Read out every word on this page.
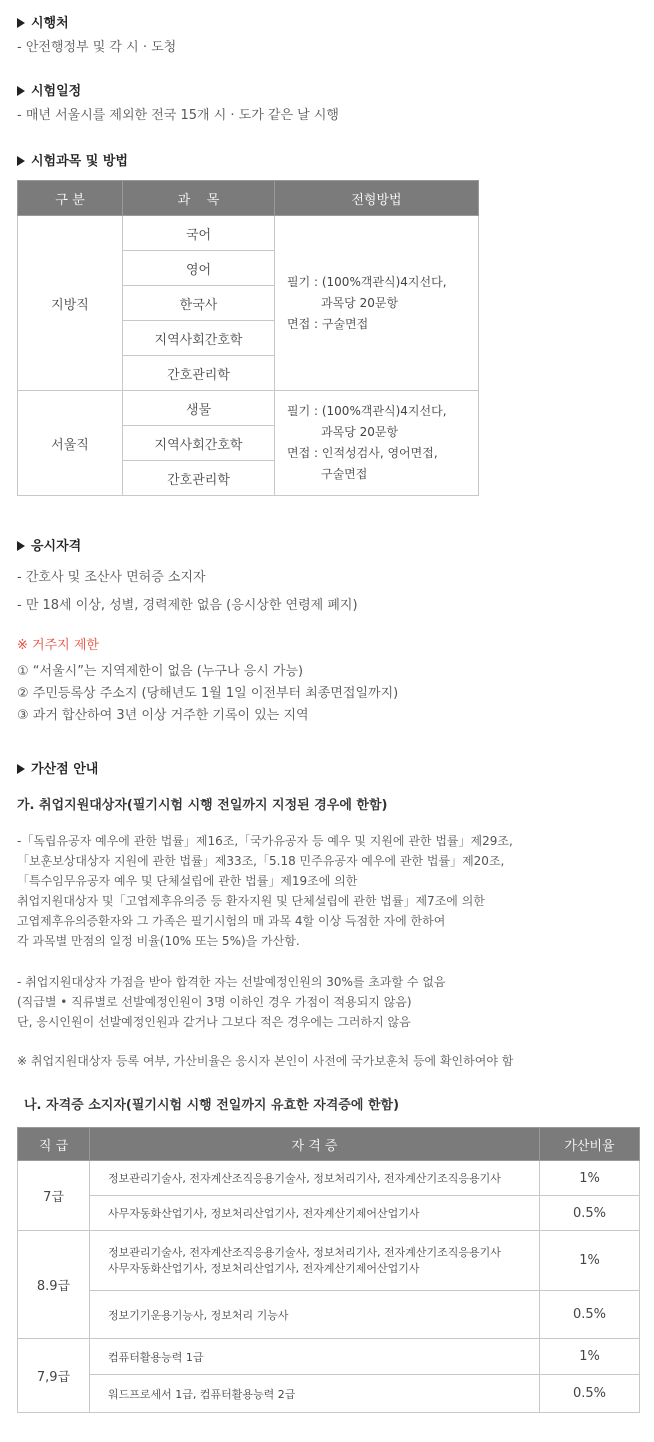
시행처
- 안전행정부 및 각 시 · 도청
시험일정
- 매년 서울시를 제외한 전국 15개 시 · 도가 같은 날 시행
시험과목 및 방법
구 분	과    목	전형방법
지방직	국어	필기 : (100%객관식)4지선다,
과목당 20문항
면접 : 구술면접

	영어	
	한국사	
	지역사회간호학	
	간호관리학	
서울직	생물	필기 : (100%객관식)4지선다,
과목당 20문항
면접 : 인적성검사, 영어면접,
구술면접

	지역사회간호학	
	간호관리학	
응시자격
- 간호사 및 조산사 면허증 소지자
- 만 18세 이상, 성별, 경력제한 없음 (응시상한 연령제 폐지)
※ 거주지 제한
① “서울시”는 지역제한이 없음 (누구나 응시 가능)
② 주민등록상 주소지 (당해년도 1월 1일 이전부터 최종면접일까지)
③ 과거 합산하여 3년 이상 거주한 기록이 있는 지역
가산점 안내
가. 취업지원대상자(필기시험 시행 전일까지 지정된 경우에 한함)
-「독립유공자 예우에 관한 법률」제16조,「국가유공자 등 예우 및 지원에 관한 법률」제29조,
「보훈보상대상자 지원에 관한 법률」제33조,「5.18 민주유공자 예우에 관한 법률」제20조,
「특수임무유공자 예우 및 단체설립에 관한 법률」제19조에 의한
취업지원대상자 및「고엽제후유의증 등 환자지원 및 단체설립에 관한 법률」제7조에 의한
고엽제후유의증환자와 그 가족은 필기시험의 매 과목 4할 이상 득점한 자에 한하여
각 과목별 만점의 일정 비율(10% 또는 5%)을 가산함.
- 취업지원대상자 가점을 받아 합격한 자는 선발예정인원의 30%를 초과할 수 없음
(직급별 • 직류별로 선발예정인원이 3명 이하인 경우 가점이 적용되지 않음)
단, 응시인원이 선발예정인원과 같거나 그보다 적은 경우에는 그러하지 않음
※ 취업지원대상자 등록 여부, 가산비율은 응시자 본인이 사전에 국가보훈처 등에 확인하여야 함
나. 자격증 소지자(필기시험 시행 전일까지 유효한 자격증에 한함)
직 급	자 격 증	가산비율
7급	정보관리기술사, 전자계산조직응용기술사, 정보처리기사, 전자계산기조직응용기사	1%
	사무자동화산업기사, 정보처리산업기사, 전자계산기제어산업기사	0.5%
8.9급	정보관리기술사, 전자계산조직응용기술사, 정보처리기사, 전자계산기조직응용기사
사무자동화산업기사, 정보처리산업기사, 전자계산기제어산업기사	1%
	정보기기운용기능사, 정보처리 기능사	0.5%
7,9급	컴퓨터활용능력 1급	1%
	워드프로세서 1급, 컴퓨터활용능력 2급	0.5%
